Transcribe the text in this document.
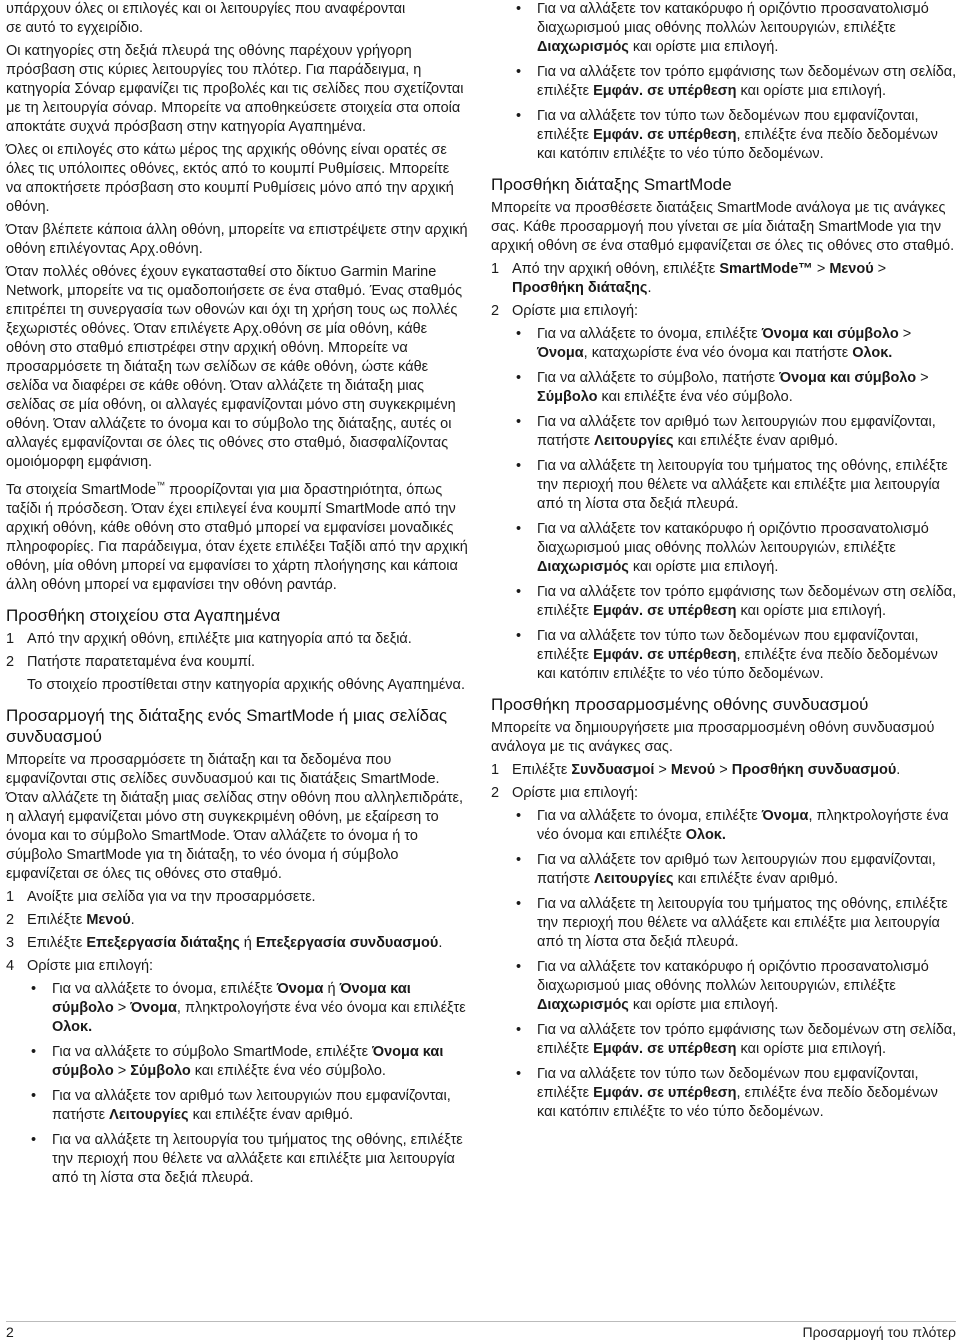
υπάρχουν όλες οι επιλογές και οι λειτουργίες που αναφέρονται
σε αυτό το εγχειρίδιο.

Οι κατηγορίες στη δεξιά πλευρά της οθόνης παρέχουν γρήγορη πρόσβαση στις κύριες λειτουργίες του πλότερ. Για παράδειγμα, η κατηγορία Σόναρ εμφανίζει τις προβολές και τις σελίδες που σχετίζονται με τη λειτουργία σόναρ. Μπορείτε να αποθηκεύσετε στοιχεία στα οποία αποκτάτε συχνά πρόσβαση στην κατηγορία Αγαπημένα.

Όλες οι επιλογές στο κάτω μέρος της αρχικής οθόνης είναι ορατές σε όλες τις υπόλοιπες οθόνες, εκτός από το κουμπί Ρυθμίσεις. Μπορείτε να αποκτήσετε πρόσβαση στο κουμπί Ρυθμίσεις μόνο από την αρχική οθόνη.

Όταν βλέπετε κάποια άλλη οθόνη, μπορείτε να επιστρέψετε στην αρχική οθόνη επιλέγοντας Αρχ.οθόνη.

Όταν πολλές οθόνες έχουν εγκατασταθεί στο δίκτυο Garmin Marine Network, μπορείτε να τις ομαδοποιήσετε σε ένα σταθμό. Ένας σταθμός επιτρέπει τη συνεργασία των οθονών και όχι τη χρήση τους ως πολλές ξεχωριστές οθόνες. Όταν επιλέγετε Αρχ.οθόνη σε μία οθόνη, κάθε οθόνη στο σταθμό επιστρέφει στην αρχική οθόνη. Μπορείτε να προσαρμόσετε τη διάταξη των σελίδων σε κάθε οθόνη, ώστε κάθε σελίδα να διαφέρει σε κάθε οθόνη. Όταν αλλάζετε τη διάταξη μιας σελίδας σε μία οθόνη, οι αλλαγές εμφανίζονται μόνο στη συγκεκριμένη οθόνη. Όταν αλλάζετε το όνομα και το σύμβολο της διάταξης, αυτές οι αλλαγές εμφανίζονται σε όλες τις οθόνες στο σταθμό, διασφαλίζοντας ομοιόμορφη εμφάνιση.

Τα στοιχεία SmartMode™ προορίζονται για μια δραστηριότητα, όπως ταξίδι ή πρόσδεση. Όταν έχει επιλεγεί ένα κουμπί SmartMode από την αρχική οθόνη, κάθε οθόνη στο σταθμό μπορεί να εμφανίσει μοναδικές πληροφορίες. Για παράδειγμα, όταν έχετε επιλέξει Ταξίδι από την αρχική οθόνη, μία οθόνη μπορεί να εμφανίσει το χάρτη πλοήγησης και κάποια άλλη οθόνη μπορεί να εμφανίσει την οθόνη ραντάρ.

Προσθήκη στοιχείου στα Αγαπημένα
1 Από την αρχική οθόνη, επιλέξτε μια κατηγορία από τα δεξιά.
2 Πατήστε παρατεταμένα ένα κουμπί.
Το στοιχείο προστίθεται στην κατηγορία αρχικής οθόνης Αγαπημένα.
Προσαρμογή της διάταξης ενός SmartMode ή μιας σελίδας συνδυασμού

Μπορείτε να προσαρμόσετε τη διάταξη και τα δεδομένα που εμφανίζονται στις σελίδες συνδυασμού και τις διατάξεις SmartMode. Όταν αλλάζετε τη διάταξη μιας σελίδας στην οθόνη που αλληλεπιδράτε, η αλλαγή εμφανίζεται μόνο στη συγκεκριμένη οθόνη, με εξαίρεση το όνομα και το σύμβολο SmartMode. Όταν αλλάζετε το όνομα ή το σύμβολο SmartMode για τη διάταξη, το νέο όνομα ή σύμβολο εμφανίζεται σε όλες τις οθόνες στο σταθμό.

1 Ανοίξτε μια σελίδα για να την προσαρμόσετε.
2 Επιλέξτε Μενού.
3 Επιλέξτε Επεξεργασία διάταξης ή Επεξεργασία συνδυασμού.
4 Ορίστε μια επιλογή:
• Για να αλλάξετε το όνομα, επιλέξτε Όνομα ή Όνομα και σύμβολο > Όνομα, πληκτρολογήστε ένα νέο όνομα και επιλέξτε Ολοκ.
• Για να αλλάξετε το σύμβολο SmartMode, επιλέξτε Όνομα και σύμβολο > Σύμβολο και επιλέξτε ένα νέο σύμβολο.
• Για να αλλάξετε τον αριθμό των λειτουργιών που εμφανίζονται, πατήστε Λειτουργίες και επιλέξτε έναν αριθμό.
• Για να αλλάξετε τη λειτουργία του τμήματος της οθόνης, επιλέξτε την περιοχή που θέλετε να αλλάξετε και επιλέξτε μια λειτουργία από τη λίστα στα δεξιά πλευρά.
• Για να αλλάξετε τον κατακόρυφο ή οριζόντιο προσανατολισμό διαχωρισμού μιας οθόνης πολλών λειτουργιών, επιλέξτε Διαχωρισμός και ορίστε μια επιλογή.
• Για να αλλάξετε τον τρόπο εμφάνισης των δεδομένων στη σελίδα, επιλέξτε Εμφάν. σε υπέρθεση και ορίστε μια επιλογή.
• Για να αλλάξετε τον τύπο των δεδομένων που εμφανίζονται, επιλέξτε Εμφάν. σε υπέρθεση, επιλέξτε ένα πεδίο δεδομένων και κατόπιν επιλέξτε το νέο τύπο δεδομένων.
Προσθήκη διάταξης SmartMode

Μπορείτε να προσθέσετε διατάξεις SmartMode ανάλογα με τις ανάγκες σας. Κάθε προσαρμογή που γίνεται σε μία διάταξη SmartMode για την αρχική οθόνη σε ένα σταθμό εμφανίζεται σε όλες τις οθόνες στο σταθμό.

1 Από την αρχική οθόνη, επιλέξτε SmartMode™ > Μενού > Προσθήκη διάταξης.
2 Ορίστε μια επιλογή:
• Για να αλλάξετε το όνομα, επιλέξτε Όνομα και σύμβολο > Όνομα, καταχωρίστε ένα νέο όνομα και πατήστε Ολοκ.
• Για να αλλάξετε το σύμβολο, πατήστε Όνομα και σύμβολο > Σύμβολο και επιλέξτε ένα νέο σύμβολο.
• Για να αλλάξετε τον αριθμό των λειτουργιών που εμφανίζονται, πατήστε Λειτουργίες και επιλέξτε έναν αριθμό.
• Για να αλλάξετε τη λειτουργία του τμήματος της οθόνης, επιλέξτε την περιοχή που θέλετε να αλλάξετε και επιλέξτε μια λειτουργία από τη λίστα στα δεξιά πλευρά.
• Για να αλλάξετε τον κατακόρυφο ή οριζόντιο προσανατολισμό διαχωρισμού μιας οθόνης πολλών λειτουργιών, επιλέξτε Διαχωρισμός και ορίστε μια επιλογή.
• Για να αλλάξετε τον τρόπο εμφάνισης των δεδομένων στη σελίδα, επιλέξτε Εμφάν. σε υπέρθεση και ορίστε μια επιλογή.
• Για να αλλάξετε τον τύπο των δεδομένων που εμφανίζονται, επιλέξτε Εμφάν. σε υπέρθεση, επιλέξτε ένα πεδίο δεδομένων και κατόπιν επιλέξτε το νέο τύπο δεδομένων.
Προσθήκη προσαρμοσμένης οθόνης συνδυασμού

Μπορείτε να δημιουργήσετε μια προσαρμοσμένη οθόνη συνδυασμού ανάλογα με τις ανάγκες σας.

1 Επιλέξτε Συνδυασμοί > Μενού > Προσθήκη συνδυασμού.
2 Ορίστε μια επιλογή:
• Για να αλλάξετε το όνομα, επιλέξτε Όνομα, πληκτρολογήστε ένα νέο όνομα και επιλέξτε Ολοκ.
• Για να αλλάξετε τον αριθμό των λειτουργιών που εμφανίζονται, πατήστε Λειτουργίες και επιλέξτε έναν αριθμό.
• Για να αλλάξετε τη λειτουργία του τμήματος της οθόνης, επιλέξτε την περιοχή που θέλετε να αλλάξετε και επιλέξτε μια λειτουργία από τη λίστα στα δεξιά πλευρά.
• Για να αλλάξετε τον κατακόρυφο ή οριζόντιο προσανατολισμό διαχωρισμού μιας οθόνης πολλών λειτουργιών, επιλέξτε Διαχωρισμός και ορίστε μια επιλογή.
• Για να αλλάξετε τον τρόπο εμφάνισης των δεδομένων στη σελίδα, επιλέξτε Εμφάν. σε υπέρθεση και ορίστε μια επιλογή.
• Για να αλλάξετε τον τύπο των δεδομένων που εμφανίζονται, επιλέξτε Εμφάν. σε υπέρθεση, επιλέξτε ένα πεδίο δεδομένων και κατόπιν επιλέξτε το νέο τύπο δεδομένων.
2	Προσαρμογή του πλότερ
